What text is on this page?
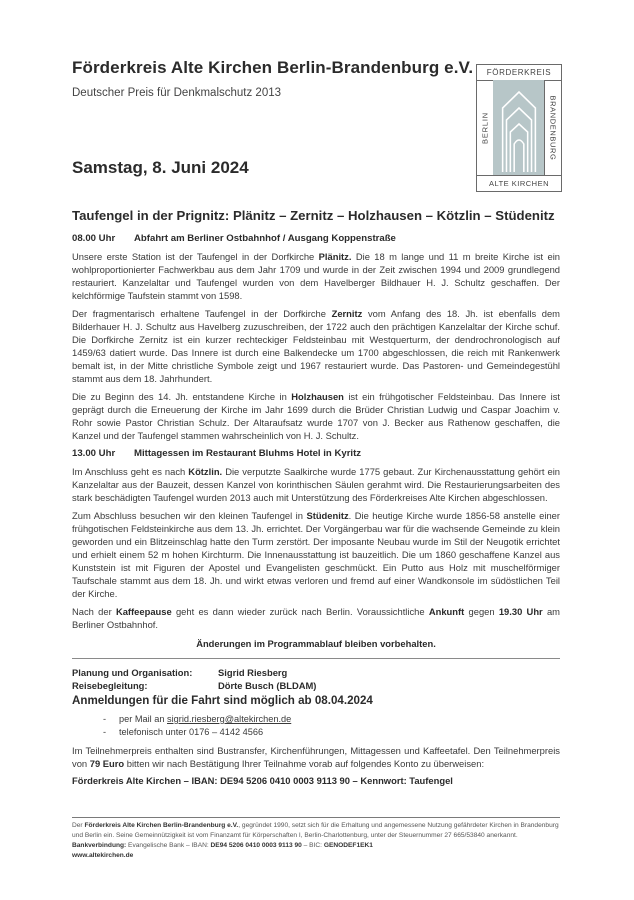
Förderkreis Alte Kirchen Berlin-Brandenburg e.V.
Deutscher Preis für Denkmalschutz 2013
Samstag, 8. Juni 2024
FÖRDERKREIS
BERLIN	BRANDENBURG
ALTE KIRCHEN
Taufengel in der Prignitz: Plänitz – Zernitz – Holzhausen – Kötzlin – Stüdenitz
08.00 Uhr	Abfahrt am Berliner Ostbahnhof / Ausgang Koppenstraße

Unsere erste Station ist der Taufengel in der Dorfkirche Plänitz. Die 18 m lange und 11 m breite Kirche ist ein wohlproportionierter Fachwerkbau aus dem Jahr 1709 und wurde in der Zeit zwischen 1994 und 2009 grundlegend restauriert. Kanzelaltar und Taufengel wurden von dem Havelberger Bildhauer H. J. Schultz geschaffen. Der kelchförmige Taufstein stammt von 1598.

Der fragmentarisch erhaltene Taufengel in der Dorfkirche Zernitz vom Anfang des 18. Jh. ist ebenfalls dem Bilderhauer H. J. Schultz aus Havelberg zuzuschreiben, der 1722 auch den prächtigen Kanzelaltar der Kirche schuf. Die Dorfkirche Zernitz ist ein kurzer rechteckiger Feldsteinbau mit Westquerturm, der dendrochronologisch auf 1459/63 datiert wurde. Das Innere ist durch eine Balkendecke um 1700 abgeschlossen, die reich mit Rankenwerk bemalt ist, in der Mitte christliche Symbole zeigt und 1967 restauriert wurde. Das Pastoren- und Gemeindegestühl stammt aus dem 18. Jahrhundert.

Die zu Beginn des 14. Jh. entstandene Kirche in Holzhausen ist ein frühgotischer Feldsteinbau. Das Innere ist geprägt durch die Erneuerung der Kirche im Jahr 1699 durch die Brüder Christian Ludwig und Caspar Joachim v. Rohr sowie Pastor Christian Schulz. Der Altaraufsatz wurde 1707 von J. Becker aus Rathenow geschaffen, die Kanzel und der Taufengel stammen wahrscheinlich von H. J. Schultz.

13.00 Uhr	Mittagessen im Restaurant Bluhms Hotel in Kyritz

Im Anschluss geht es nach Kötzlin. Die verputzte Saalkirche wurde 1775 gebaut. Zur Kirchenausstattung gehört ein Kanzelaltar aus der Bauzeit, dessen Kanzel von korinthischen Säulen gerahmt wird. Die Restaurierungsarbeiten des stark beschädigten Taufengel wurden 2013 auch mit Unterstützung des Förderkreises Alte Kirchen abgeschlossen.

Zum Abschluss besuchen wir den kleinen Taufengel in Stüdenitz. Die heutige Kirche wurde 1856-58 anstelle einer frühgotischen Feldsteinkirche aus dem 13. Jh. errichtet. Der Vorgängerbau war für die wachsende Gemeinde zu klein geworden und ein Blitzeinschlag hatte den Turm zerstört. Der imposante Neubau wurde im Stil der Neugotik errichtet und erhielt einem 52 m hohen Kirchturm. Die Innenausstattung ist bauzeitlich. Die um 1860 geschaffene Kanzel aus Kunststein ist mit Figuren der Apostel und Evangelisten geschmückt. Ein Putto aus Holz mit muschelförmiger Taufschale stammt aus dem 18. Jh. und wirkt etwas verloren und fremd auf einer Wandkonsole im südöstlichen Teil der Kirche.

Nach der Kaffeepause geht es dann wieder zurück nach Berlin. Voraussichtliche Ankunft gegen 19.30 Uhr am Berliner Ostbahnhof.

Änderungen im Programmablauf bleiben vorbehalten.
Planung und Organisation:	Sigrid Riesberg
Reisebegleitung:	Dörte Busch (BLDAM)
Anmeldungen für die Fahrt sind möglich ab 08.04.2024
-	per Mail an sigrid.riesberg@altekirchen.de
-	telefonisch unter 0176 – 4142 4566
Im Teilnehmerpreis enthalten sind Bustransfer, Kirchenführungen, Mittagessen und Kaffeetafel. Den Teilnehmerpreis von 79 Euro bitten wir nach Bestätigung Ihrer Teilnahme vorab auf folgendes Konto zu überweisen:
Förderkreis Alte Kirchen – IBAN: DE94 5206 0410 0003 9113 90 – Kennwort: Taufengel
Der Förderkreis Alte Kirchen Berlin-Brandenburg e.V., gegründet 1990, setzt sich für die Erhaltung und angemessene Nutzung gefährdeter Kirchen in Brandenburg und Berlin ein. Seine Gemeinnützigkeit ist vom Finanzamt für Körperschaften I, Berlin-Charlottenburg, unter der Steuernummer 27 665/53840 anerkannt. Bankverbindung: Evangelische Bank – IBAN: DE94 5206 0410 0003 9113 90 – BIC: GENODEF1EK1
www.altekirchen.de
